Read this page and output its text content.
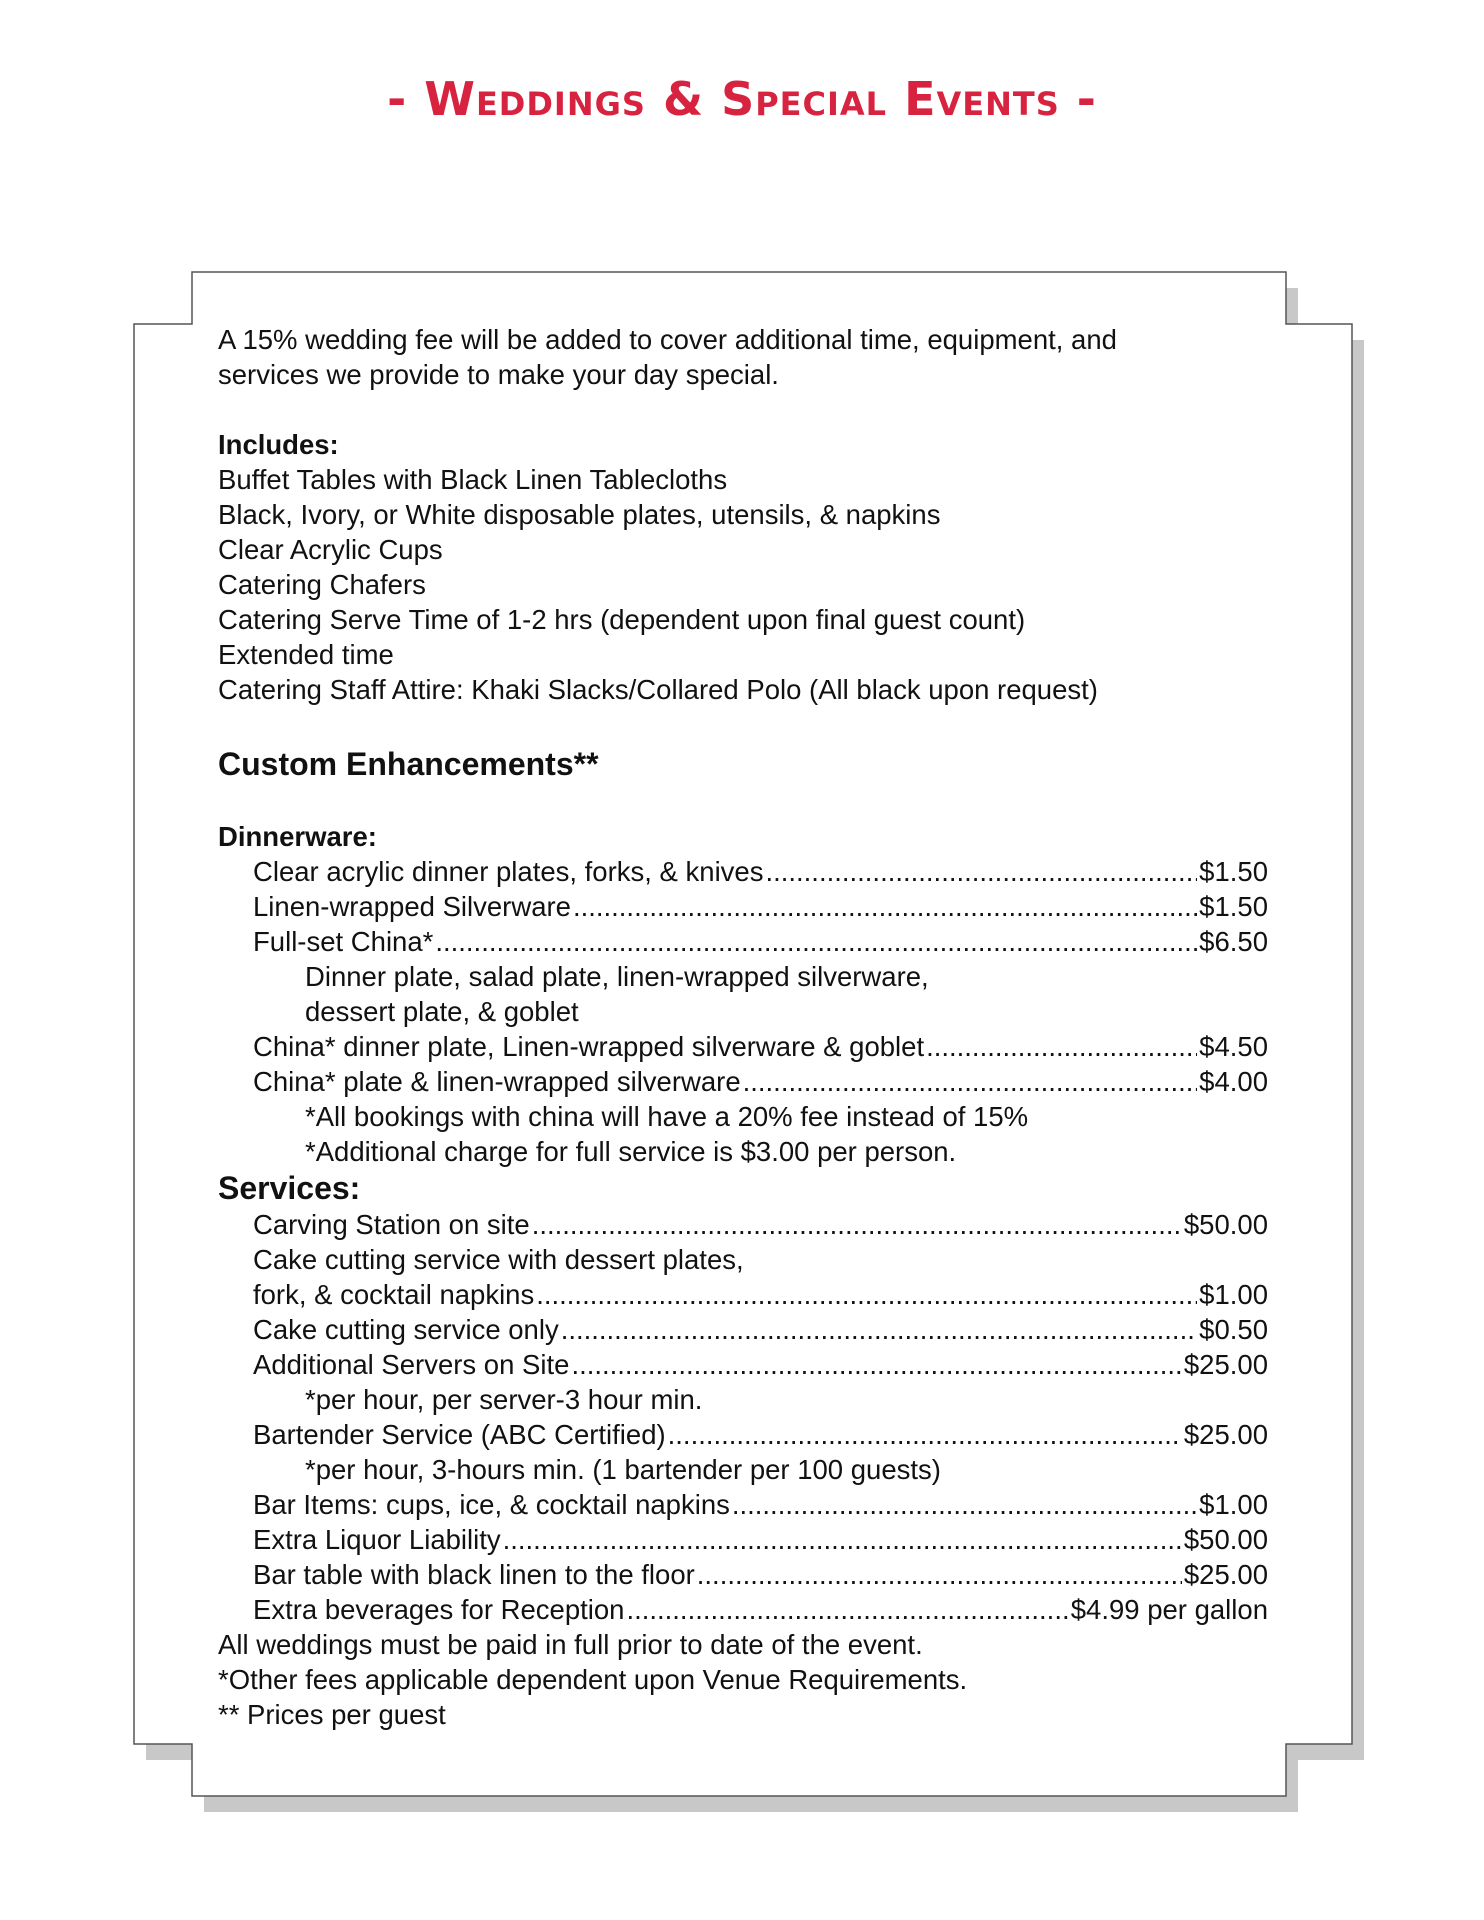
- Weddings & Special Events -
A 15% wedding fee will be added to cover additional time, equipment, and
services we provide to make your day special.
Includes:
Buffet Tables with Black Linen Tablecloths
Black, Ivory, or White disposable plates, utensils, & napkins
Clear Acrylic Cups
Catering Chafers
Catering Serve Time of 1-2 hrs (dependent upon final guest count)
Extended time
Catering Staff Attire: Khaki Slacks/Collared Polo (All black upon request)
Custom Enhancements**
Dinnerware:
Clear acrylic dinner plates, forks, & knives .....	$1.50
Linen-wrapped Silverware .....	$1.50
Full-set China* .....	$6.50
Dinner plate, salad plate, linen-wrapped silverware,
dessert plate, & goblet
China* dinner plate, Linen-wrapped silverware & goblet .....	$4.50
China* plate & linen-wrapped silverware .....	$4.00
*All bookings with china will have a 20% fee instead of 15%
*Additional charge for full service is $3.00 per person.
Services:
Carving Station on site .....	$50.00
Cake cutting service with dessert plates,
fork, & cocktail napkins .....	$1.00
Cake cutting service only .....	$0.50
Additional Servers on Site .....	$25.00
*per hour, per server-3 hour min.
Bartender Service (ABC Certified) .....	$25.00
*per hour, 3-hours min. (1 bartender per 100 guests)
Bar Items: cups, ice, & cocktail napkins .....	$1.00
Extra Liquor Liability .....	$50.00
Bar table with black linen to the floor .....	$25.00
Extra beverages for Reception .....	$4.99 per gallon
All weddings must be paid in full prior to date of the event.
*Other fees applicable dependent upon Venue Requirements.
** Prices per guest
